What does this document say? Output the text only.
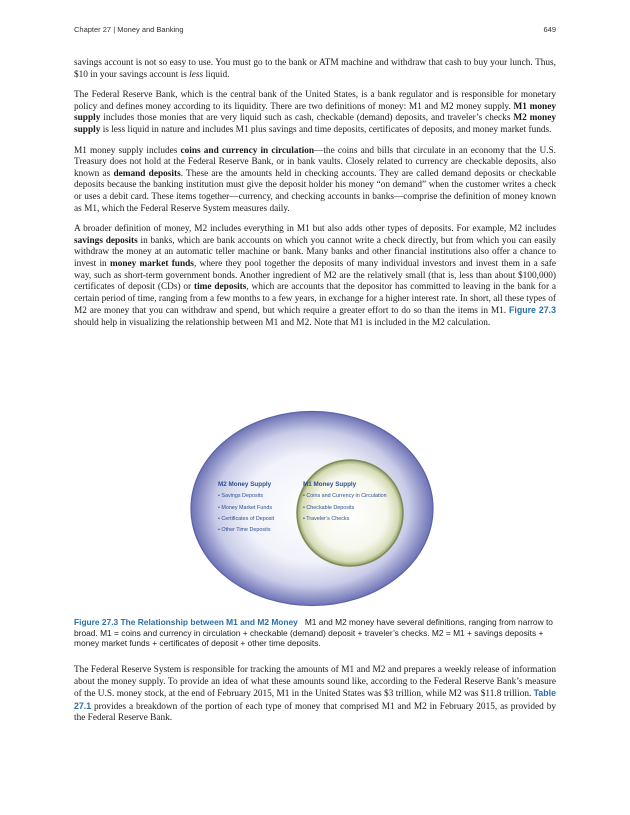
Chapter 27 | Money and Banking	649

savings account is not so easy to use. You must go to the bank or ATM machine and withdraw that cash to buy your lunch. Thus, $10 in your savings account is less liquid.

The Federal Reserve Bank, which is the central bank of the United States, is a bank regulator and is responsible for monetary policy and defines money according to its liquidity. There are two definitions of money: M1 and M2 money supply. M1 money supply includes those monies that are very liquid such as cash, checkable (demand) deposits, and traveler’s checks M2 money supply is less liquid in nature and includes M1 plus savings and time deposits, certificates of deposits, and money market funds.

M1 money supply includes coins and currency in circulation—the coins and bills that circulate in an economy that the U.S. Treasury does not hold at the Federal Reserve Bank, or in bank vaults. Closely related to currency are checkable deposits, also known as demand deposits. These are the amounts held in checking accounts. They are called demand deposits or checkable deposits because the banking institution must give the deposit holder his money “on demand” when the customer writes a check or uses a debit card. These items together—currency, and checking accounts in banks—comprise the definition of money known as M1, which the Federal Reserve System measures daily.

A broader definition of money, M2 includes everything in M1 but also adds other types of deposits. For example, M2 includes savings deposits in banks, which are bank accounts on which you cannot write a check directly, but from which you can easily withdraw the money at an automatic teller machine or bank. Many banks and other financial institutions also offer a chance to invest in money market funds, where they pool together the deposits of many individual investors and invest them in a safe way, such as short-term government bonds. Another ingredient of M2 are the relatively small (that is, less than about $100,000) certificates of deposit (CDs) or time deposits, which are accounts that the depositor has committed to leaving in the bank for a certain period of time, ranging from a few months to a few years, in exchange for a higher interest rate. In short, all these types of M2 are money that you can withdraw and spend, but which require a greater effort to do so than the items in M1. Figure 27.3 should help in visualizing the relationship between M1 and M2. Note that M1 is included in the M2 calculation.

M2 Money Supply
• Savings Deposits
• Money Market Funds
• Certificates of Deposit
• Other Time Deposits
M1 Money Supply
• Coins and Currency in Circulation
• Checkable Deposits
• Traveler’s Checks
Figure 27.3 The Relationship between M1 and M2 Money M1 and M2 money have several definitions, ranging from narrow to broad. M1 = coins and currency in circulation + checkable (demand) deposit + traveler’s checks. M2 = M1 + savings deposits + money market funds + certificates of deposit + other time deposits.

The Federal Reserve System is responsible for tracking the amounts of M1 and M2 and prepares a weekly release of information about the money supply. To provide an idea of what these amounts sound like, according to the Federal Reserve Bank’s measure of the U.S. money stock, at the end of February 2015, M1 in the United States was $3 trillion, while M2 was $11.8 trillion. Table 27.1 provides a breakdown of the portion of each type of money that comprised M1 and M2 in February 2015, as provided by the Federal Reserve Bank.
